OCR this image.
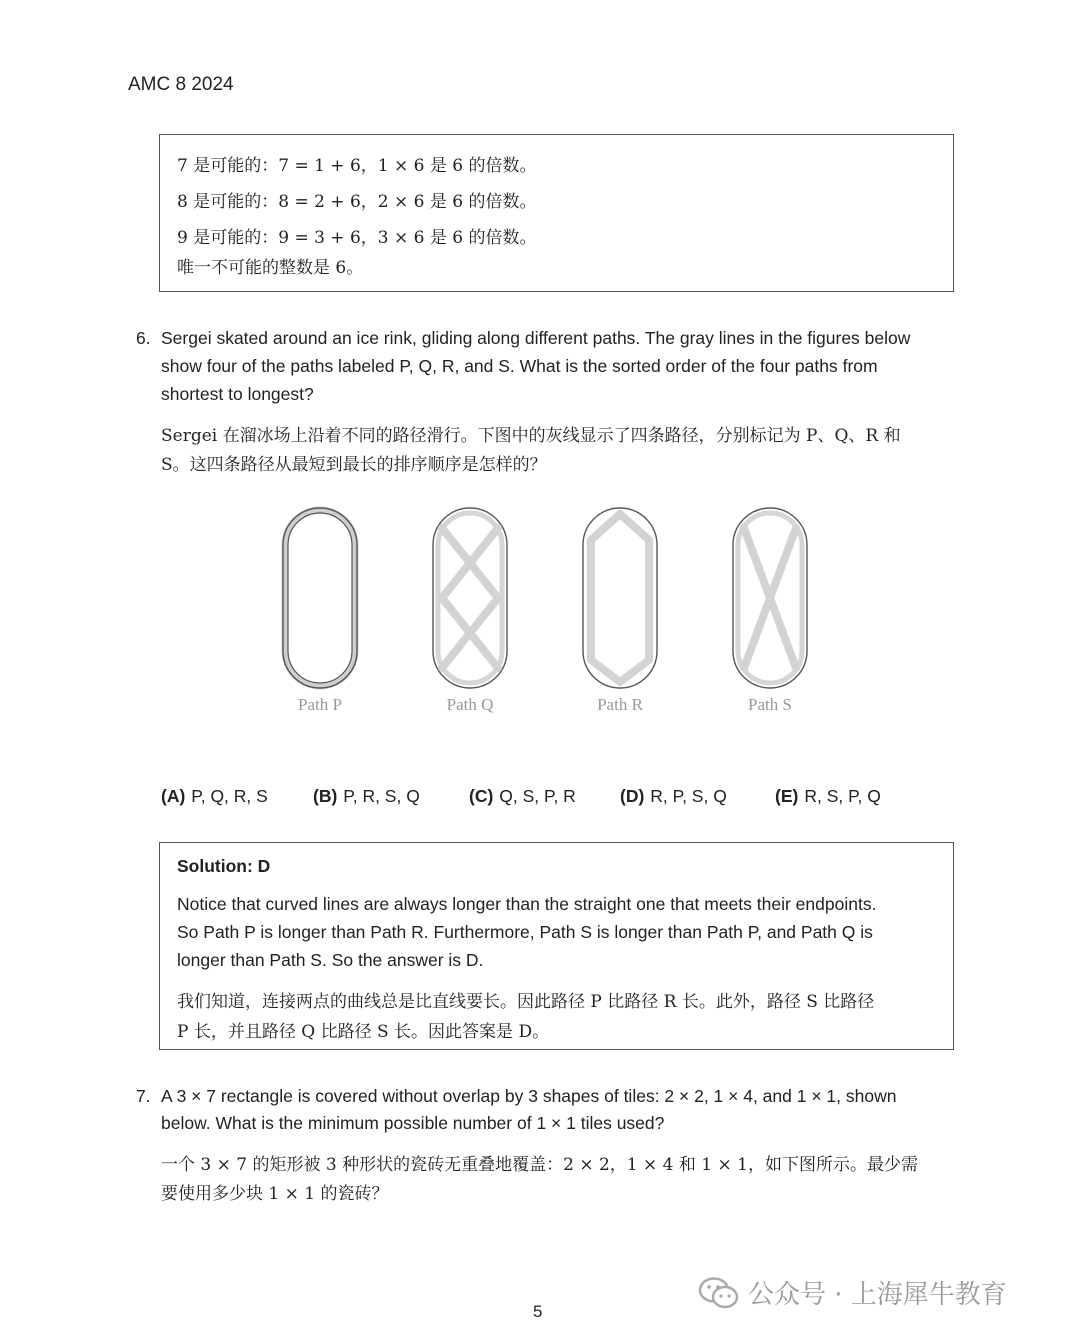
AMC 8 2024
7 是可能的：7 = 1 + 6，1 × 6 是 6 的倍数。
8 是可能的：8 = 2 + 6，2 × 6 是 6 的倍数。
9 是可能的：9 = 3 + 6，3 × 6 是 6 的倍数。
唯一不可能的整数是 6。
6. Sergei skated around an ice rink, gliding along different paths. The gray lines in the figures below
show four of the paths labeled P, Q, R, and S. What is the sorted order of the four paths from
shortest to longest?
Sergei 在溜冰场上沿着不同的路径滑行。下图中的灰线显示了四条路径，分别标记为 P、Q、R 和
S。这四条路径从最短到最长的排序顺序是怎样的？
Path P	Path Q	Path R	Path S
(A) P, Q, R, S	(B) P, R, S, Q	(C) Q, S, P, R	(D) R, P, S, Q	(E) R, S, P, Q
Solution: D
Notice that curved lines are always longer than the straight one that meets their endpoints.
So Path P is longer than Path R. Furthermore, Path S is longer than Path P, and Path Q is
longer than Path S. So the answer is D.
我们知道，连接两点的曲线总是比直线要长。因此路径 P 比路径 R 长。此外，路径 S 比路径
P 长，并且路径 Q 比路径 S 长。因此答案是 D。
7. A 3 × 7 rectangle is covered without overlap by 3 shapes of tiles: 2 × 2, 1 × 4, and 1 × 1, shown
below. What is the minimum possible number of 1 × 1 tiles used?
一个 3 × 7 的矩形被 3 种形状的瓷砖无重叠地覆盖：2 × 2，1 × 4 和 1 × 1，如下图所示。最少需
要使用多少块 1 × 1 的瓷砖？
公众号 · 上海犀牛教育
5
